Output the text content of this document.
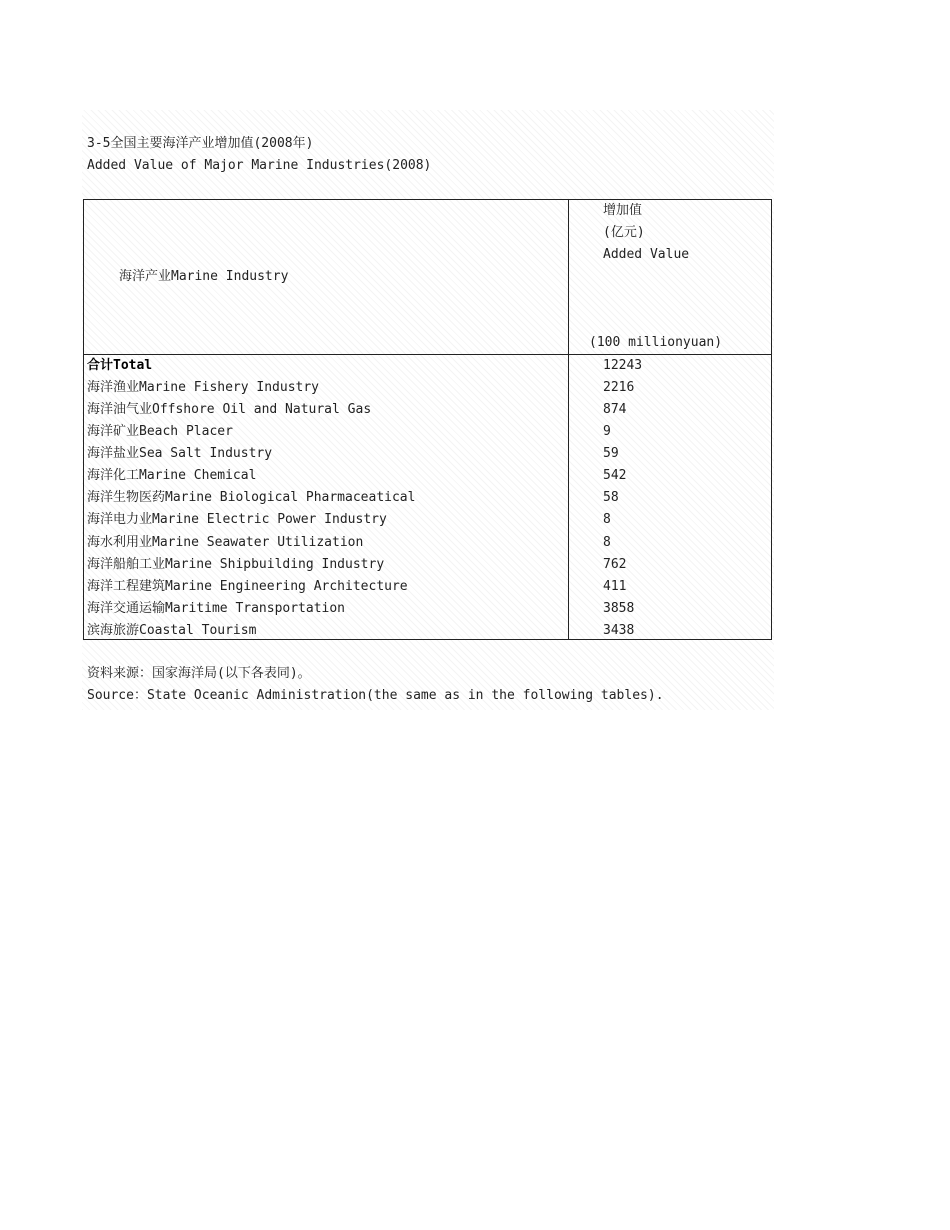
3-5全国主要海洋产业增加值(2008年)
Added Value of Major Marine Industries(2008)
海洋产业Marine Industry
增加值
(亿元)
Added Value
(100 millionyuan)
合计Total	12243
海洋渔业Marine Fishery Industry	2216
海洋油气业Offshore Oil and Natural Gas	874
海洋矿业Beach Placer	9
海洋盐业Sea Salt Industry	59
海洋化工Marine Chemical	542
海洋生物医药Marine Biological Pharmaceatical	58
海洋电力业Marine Electric Power Industry	8
海水利用业Marine Seawater Utilization	8
海洋船舶工业Marine Shipbuilding Industry	762
海洋工程建筑Marine Engineering Architecture	411
海洋交通运输Maritime Transportation	3858
滨海旅游Coastal Tourism	3438
资料来源：国家海洋局(以下各表同)。
Source：State Oceanic Administration(the same as in the following tables).
